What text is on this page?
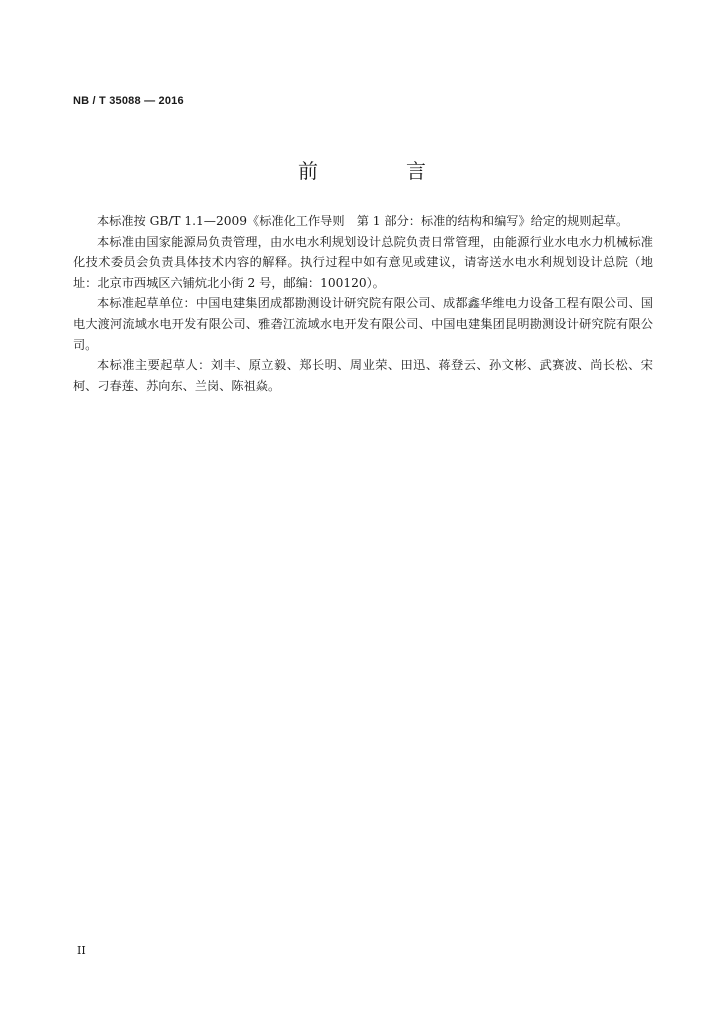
NB / T 35088 — 2016
前　言

本标准按 GB/T 1.1—2009《标准化工作导则　第 1 部分：标准的结构和编写》给定的规则起草。

本标准由国家能源局负责管理，由水电水利规划设计总院负责日常管理，由能源行业水电水力机械标准化技术委员会负责具体技术内容的解释。执行过程中如有意见或建议，请寄送水电水利规划设计总院（地址：北京市西城区六铺炕北小街 2 号，邮编：100120）。

本标准起草单位：中国电建集团成都勘测设计研究院有限公司、成都鑫华维电力设备工程有限公司、国电大渡河流域水电开发有限公司、雅砻江流域水电开发有限公司、中国电建集团昆明勘测设计研究院有限公司。

本标准主要起草人：刘丰、原立毅、郑长明、周业荣、田迅、蒋登云、孙文彬、武赛波、尚长松、宋柯、刁春莲、苏向东、兰岗、陈祖焱。

II
